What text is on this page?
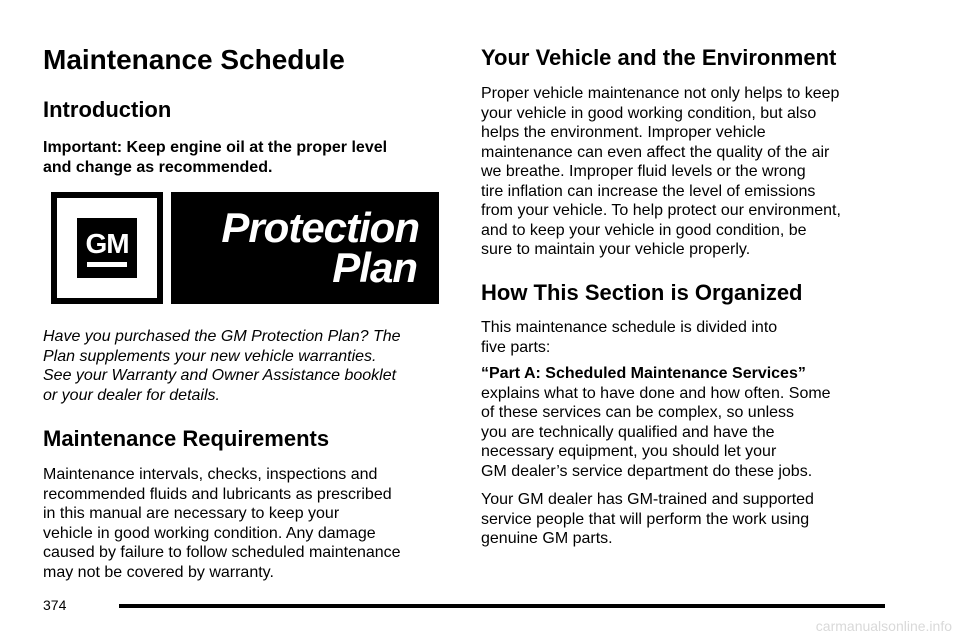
Maintenance Schedule
Introduction
Important: Keep engine oil at the proper level
and change as recommended.
GM Protection
Plan
Have you purchased the GM Protection Plan? The
Plan supplements your new vehicle warranties.
See your Warranty and Owner Assistance booklet
or your dealer for details.
Maintenance Requirements
Maintenance intervals, checks, inspections and
recommended fluids and lubricants as prescribed
in this manual are necessary to keep your
vehicle in good working condition. Any damage
caused by failure to follow scheduled maintenance
may not be covered by warranty.
Your Vehicle and the Environment
Proper vehicle maintenance not only helps to keep
your vehicle in good working condition, but also
helps the environment. Improper vehicle
maintenance can even affect the quality of the air
we breathe. Improper fluid levels or the wrong
tire inflation can increase the level of emissions
from your vehicle. To help protect our environment,
and to keep your vehicle in good condition, be
sure to maintain your vehicle properly.
How This Section is Organized
This maintenance schedule is divided into
five parts:
“Part A: Scheduled Maintenance Services”
explains what to have done and how often. Some
of these services can be complex, so unless
you are technically qualified and have the
necessary equipment, you should let your
GM dealer’s service department do these jobs.
Your GM dealer has GM-trained and supported
service people that will perform the work using
genuine GM parts.
374
carmanualsonline.info
